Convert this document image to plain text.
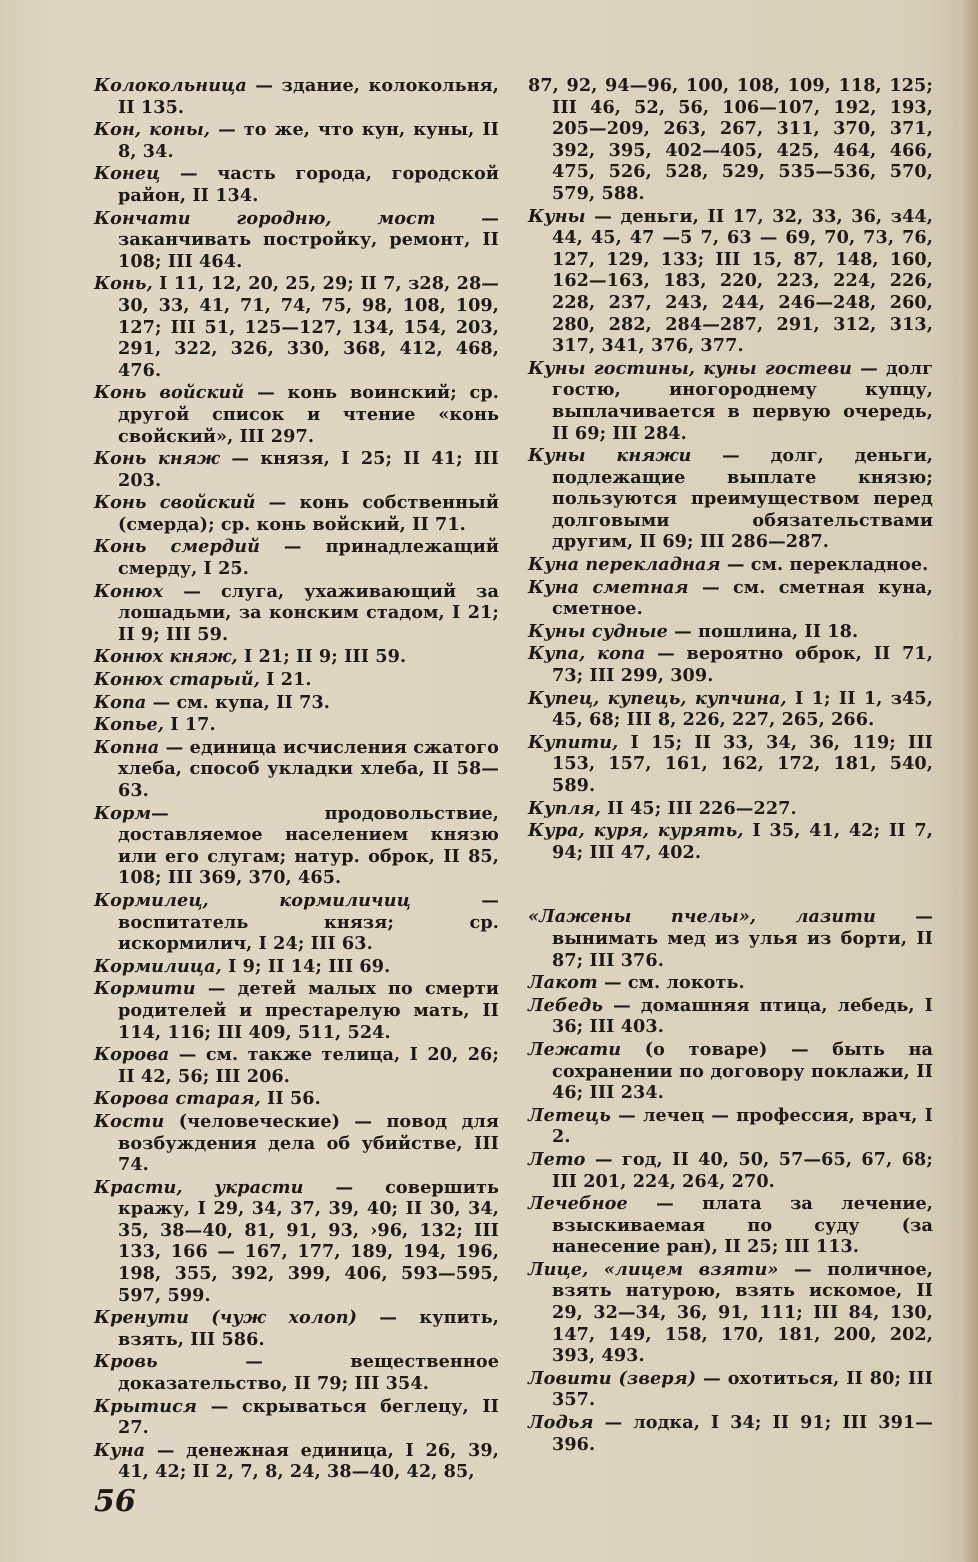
Колокольница — здание, колокольня, II 135.
Кон, коны, — то же, что кун, куны, II 8, 34.
Конец — часть города, городской район, II 134.
Кончати городню, мост — заканчивать постройку, ремонт, II 108; III 464.
Конь, I 11, 12, 20, 25, 29; II 7, з28, 28—30, 33, 41, 71, 74, 75, 98, 108, 109, 127; III 51, 125—127, 134, 154, 203, 291, 322, 326, 330, 368, 412, 468, 476.
Конь войский — конь воинский; ср. другой список и чтение «конь свойский», III 297.
Конь княж — князя, I 25; II 41; III 203.
Конь свойский — конь собственный (смерда); ср. конь войский, II 71.
Конь смердий — принадлежащий смерду, I 25.
Конюх — слуга, ухаживающий за лошадьми, за конским стадом, I 21; II 9; III 59.
Конюх княж, I 21; II 9; III 59.
Конюх старый, I 21.
Копа — см. купа, II 73.
Копье, I 17.
Копна — единица исчисления сжатого хлеба, способ укладки хлеба, II 58—63.
Корм— продовольствие, доставляемое населением князю или его слугам; натур. оброк, II 85, 108; III 369, 370, 465.
Кормилец, кормиличиц — воспитатель князя; ср. искормилич, I 24; III 63.
Кормилица, I 9; II 14; III 69.
Кормити — детей малых по смерти родителей и престарелую мать, II 114, 116; III 409, 511, 524.
Корова — см. также телица, I 20, 26; II 42, 56; III 206.
Корова старая, II 56.
Кости (человеческие) — повод для возбуждения дела об убийстве, III 74.
Красти, украсти — совершить кражу, I 29, 34, 37, 39, 40; II 30, 34, 35, 38—40, 81, 91, 93, ›96, 132; III 133, 166 — 167, 177, 189, 194, 196, 198, 355, 392, 399, 406, 593—595, 597, 599.
Кренути (чуж холоп) — купить, взять, III 586.
Кровь — вещественное доказательство, II 79; III 354.
Крытися — скрываться беглецу, II 27.
Куна — денежная единица, I 26, 39, 41, 42; II 2, 7, 8, 24, 38—40, 42, 85,
87, 92, 94—96, 100, 108, 109, 118, 125; III 46, 52, 56, 106—107, 192, 193, 205—209, 263, 267, 311, 370, 371, 392, 395, 402—405, 425, 464, 466, 475, 526, 528, 529, 535—536, 570, 579, 588.
Куны — деньги, II 17, 32, 33, 36, з44, 44, 45, 47 —5 7, 63 — 69, 70, 73, 76, 127, 129, 133; III 15, 87, 148, 160, 162—163, 183, 220, 223, 224, 226, 228, 237, 243, 244, 246—248, 260, 280, 282, 284—287, 291, 312, 313, 317, 341, 376, 377.
Куны гостины, куны гостеви — долг гостю, иногороднему купцу, выплачивается в первую очередь, II 69; III 284.
Куны княжи — долг, деньги, подлежащие выплате князю; пользуются преимуществом перед долговыми обязательствами другим, II 69; III 286—287.
Куна перекладная — см. перекладное.
Куна сметная — см. сметная куна, сметное.
Куны судные — пошлина, II 18.
Купа, копа — вероятно оброк, II 71, 73; III 299, 309.
Купец, купець, купчина, I 1; II 1, з45, 45, 68; III 8, 226, 227, 265, 266.
Купити, I 15; II 33, 34, 36, 119; III 153, 157, 161, 162, 172, 181, 540, 589.
Купля, II 45; III 226—227.
Кура, куря, курять, I 35, 41, 42; II 7, 94; III 47, 402.
«Лажены пчелы», лазити — вынимать мед из улья из борти, II 87; III 376.
Лакот — см. локоть.
Лебедь — домашняя птица, лебедь, I 36; III 403.
Лежати (о товаре) — быть на сохранении по договору поклажи, II 46; III 234.
Летець — лечец — профессия, врач, I 2.
Лето — год, II 40, 50, 57—65, 67, 68; III 201, 224, 264, 270.
Лечебное — плата за лечение, взыскиваемая по суду (за нанесение ран), II 25; III 113.
Лице, «лицем взяти» — поличное, взять натурою, взять искомое, II 29, 32—34, 36, 91, 111; III 84, 130, 147, 149, 158, 170, 181, 200, 202, 393, 493.
Ловити (зверя) — охотиться, II 80; III 357.
Лодья — лодка, I 34; II 91; III 391—396.
56
